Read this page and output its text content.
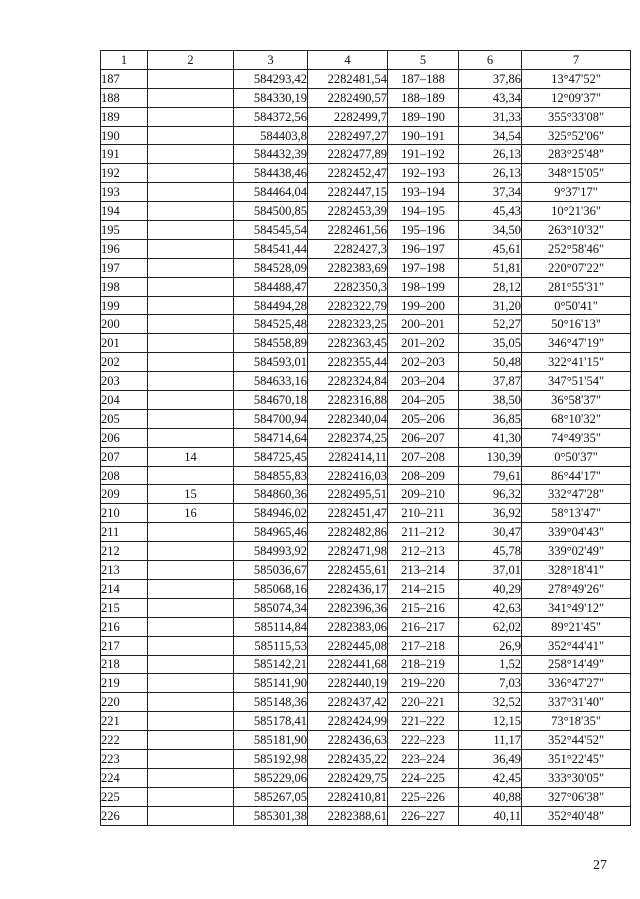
1	2	3	4	5	6	7
187		584293,42	2282481,54	187–188	37,86	13°47'52"
188		584330,19	2282490,57	188–189	43,34	12°09'37"
189		584372,56	2282499,7	189–190	31,33	355°33'08"
190		584403,8	2282497,27	190–191	34,54	325°52'06"
191		584432,39	2282477,89	191–192	26,13	283°25'48"
192		584438,46	2282452,47	192–193	26,13	348°15'05"
193		584464,04	2282447,15	193–194	37,34	9°37'17"
194		584500,85	2282453,39	194–195	45,43	10°21'36"
195		584545,54	2282461,56	195–196	34,50	263°10'32"
196		584541,44	2282427,3	196–197	45,61	252°58'46"
197		584528,09	2282383,69	197–198	51,81	220°07'22"
198		584488,47	2282350,3	198–199	28,12	281°55'31"
199		584494,28	2282322,79	199–200	31,20	0°50'41"
200		584525,48	2282323,25	200–201	52,27	50°16'13"
201		584558,89	2282363,45	201–202	35,05	346°47'19"
202		584593,01	2282355,44	202–203	50,48	322°41'15"
203		584633,16	2282324,84	203–204	37,87	347°51'54"
204		584670,18	2282316,88	204–205	38,50	36°58'37"
205		584700,94	2282340,04	205–206	36,85	68°10'32"
206		584714,64	2282374,25	206–207	41,30	74°49'35"
207	14	584725,45	2282414,11	207–208	130,39	0°50'37"
208		584855,83	2282416,03	208–209	79,61	86°44'17"
209	15	584860,36	2282495,51	209–210	96,32	332°47'28"
210	16	584946,02	2282451,47	210–211	36,92	58°13'47"
211		584965,46	2282482,86	211–212	30,47	339°04'43"
212		584993,92	2282471,98	212–213	45,78	339°02'49"
213		585036,67	2282455,61	213–214	37,01	328°18'41"
214		585068,16	2282436,17	214–215	40,29	278°49'26"
215		585074,34	2282396,36	215–216	42,63	341°49'12"
216		585114,84	2282383,06	216–217	62,02	89°21'45"
217		585115,53	2282445,08	217–218	26,9	352°44'41"
218		585142,21	2282441,68	218–219	1,52	258°14'49"
219		585141,90	2282440,19	219–220	7,03	336°47'27"
220		585148,36	2282437,42	220–221	32,52	337°31'40"
221		585178,41	2282424,99	221–222	12,15	73°18'35"
222		585181,90	2282436,63	222–223	11,17	352°44'52"
223		585192,98	2282435,22	223–224	36,49	351°22'45"
224		585229,06	2282429,75	224–225	42,45	333°30'05"
225		585267,05	2282410,81	225–226	40,88	327°06'38"
226		585301,38	2282388,61	226–227	40,11	352°40'48"
27
